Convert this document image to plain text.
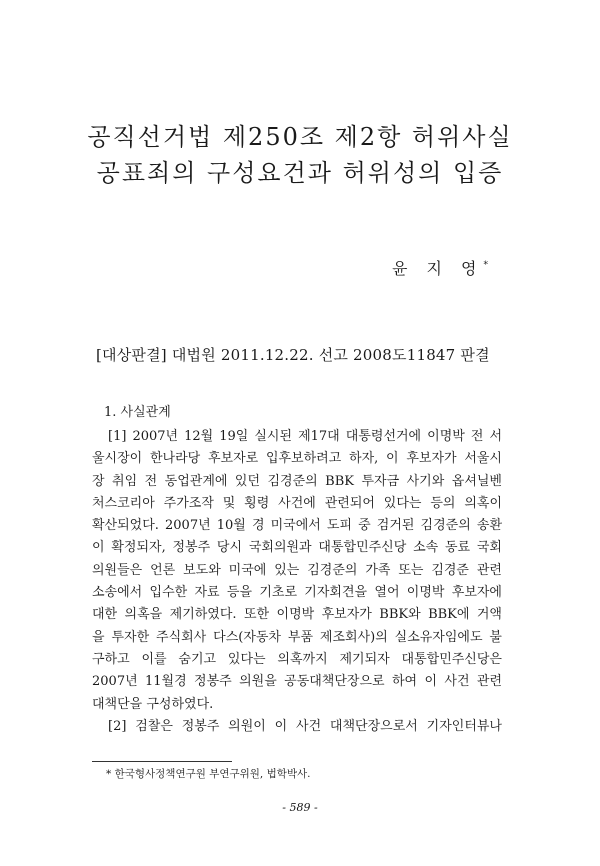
공직선거법 제250조 제2항 허위사실
공표죄의 구성요건과 허위성의 입증
윤 지 영*
[대상판결] 대법원 2011.12.22. 선고 2008도11847 판결
1. 사실관계
[1] 2007년 12월 19일 실시된 제17대 대통령선거에 이명박 전 서
울시장이 한나라당 후보자로 입후보하려고 하자, 이 후보자가 서울시
장 취임 전 동업관계에 있던 김경준의 BBK 투자금 사기와 옵셔닐벤
처스코리아 주가조작 및 횡령 사건에 관련되어 있다는 등의 의혹이
확산되었다. 2007년 10월 경 미국에서 도피 중 검거된 김경준의 송환
이 확정되자, 정봉주 당시 국회의원과 대통합민주신당 소속 동료 국회
의원들은 언론 보도와 미국에 있는 김경준의 가족 또는 김경준 관련
소송에서 입수한 자료 등을 기초로 기자회견을 열어 이명박 후보자에
대한 의혹을 제기하였다. 또한 이명박 후보자가 BBK와 BBK에 거액
을 투자한 주식회사 다스(자동차 부품 제조회사)의 실소유자임에도 불
구하고 이를 숨기고 있다는 의혹까지 제기되자 대통합민주신당은
2007년 11월경 정봉주 의원을 공동대책단장으로 하여 이 사건 관련
대책단을 구성하였다.
[2] 검찰은 정봉주 의원이 이 사건 대책단장으로서 기자인터뷰나
* 한국형사정책연구원 부연구위원, 법학박사.
- 589 -
